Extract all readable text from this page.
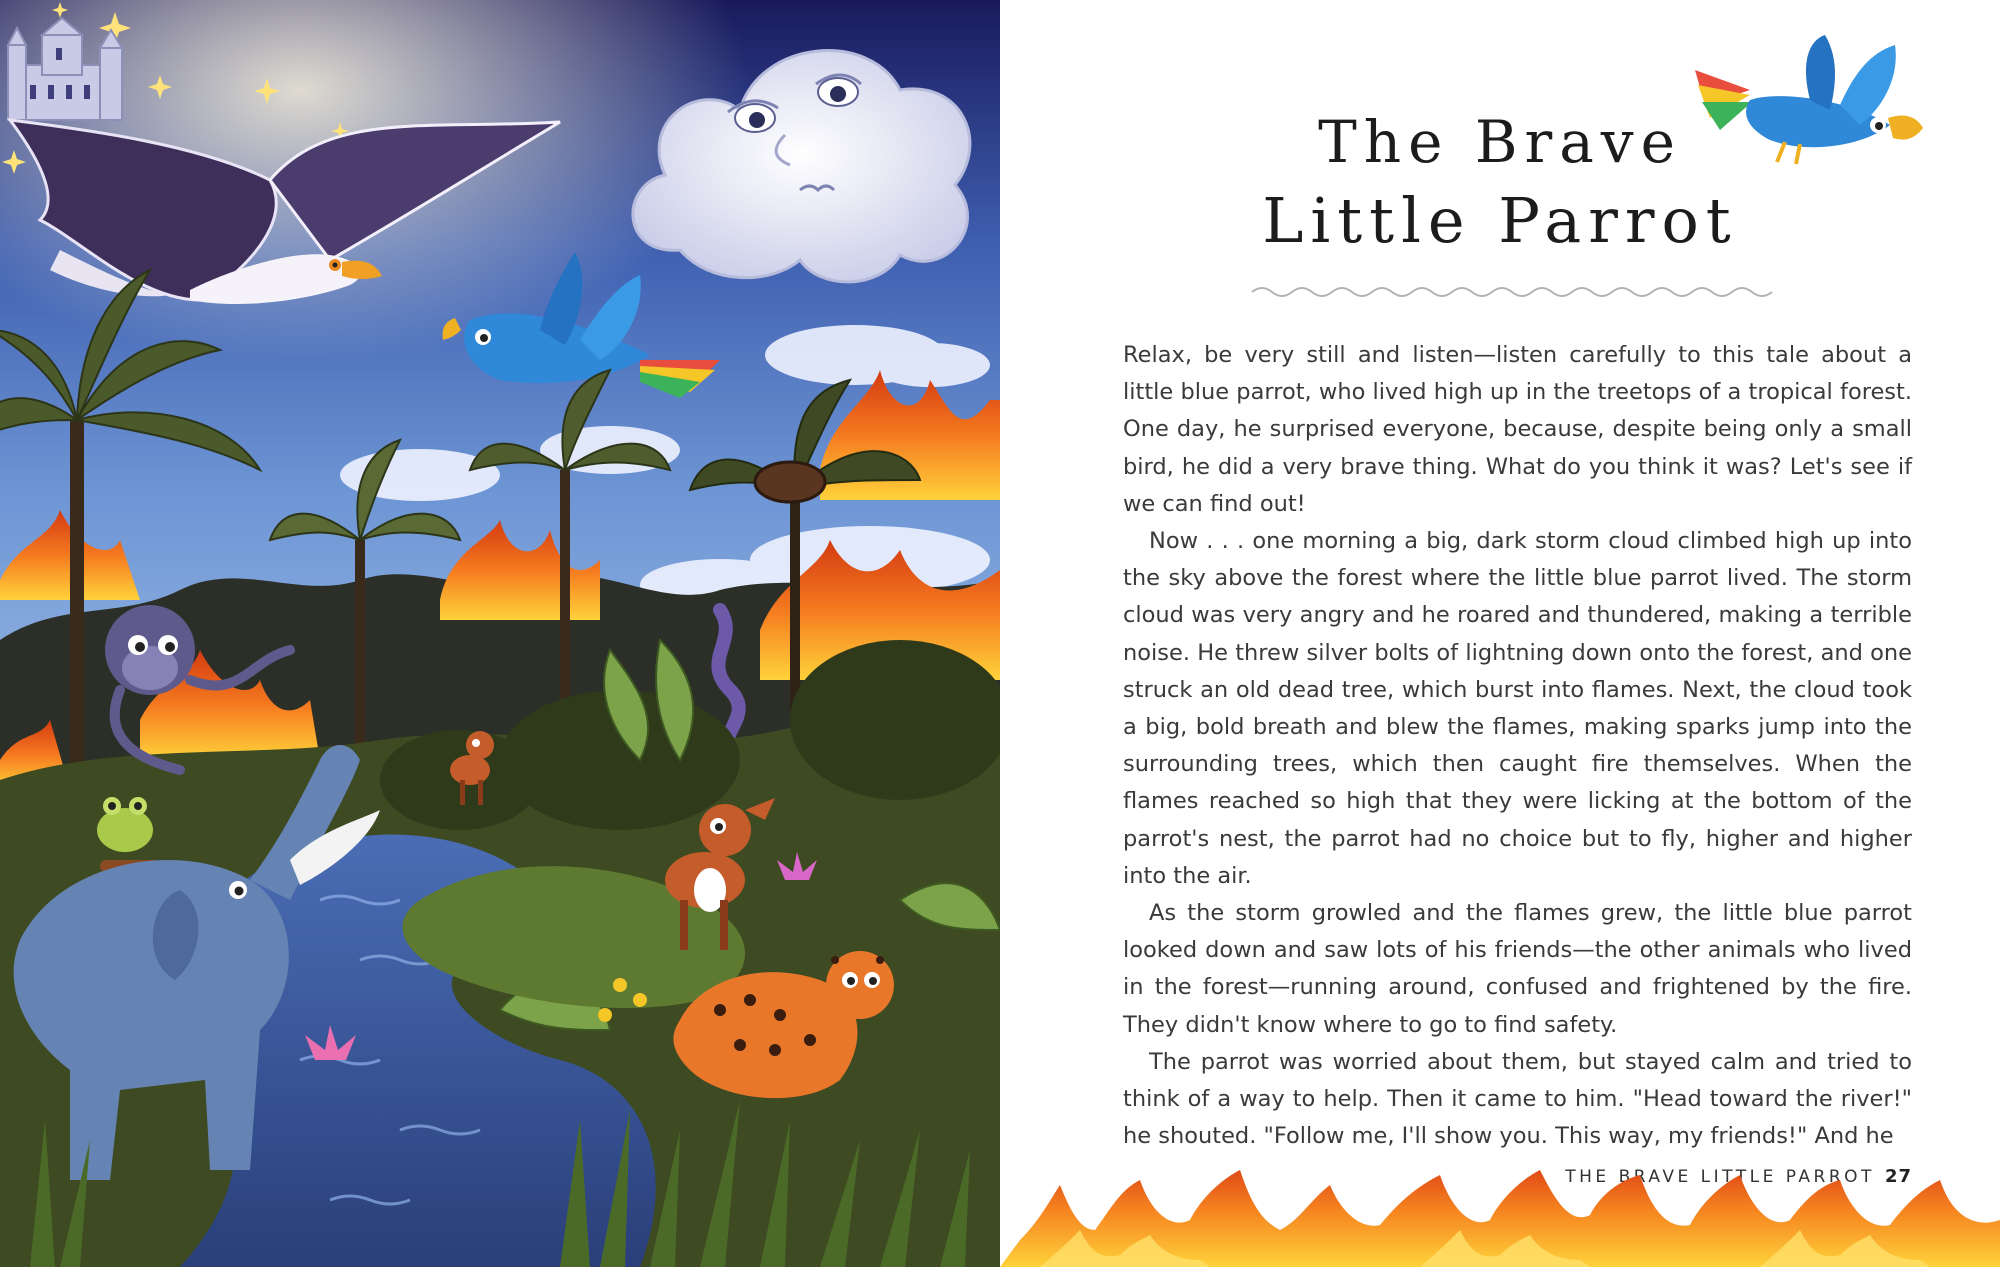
The Brave
Little Parrot

Relax, be very still and listen—listen carefully to this tale about a little blue parrot, who lived high up in the treetops of a tropical forest. One day, he surprised everyone, because, despite being only a small bird, he did a very brave thing. What do you think it was? Let's see if we can find out!

Now . . . one morning a big, dark storm cloud climbed high up into the sky above the forest where the little blue parrot lived. The storm cloud was very angry and he roared and thundered, making a terrible noise. He threw silver bolts of lightning down onto the forest, and one struck an old dead tree, which burst into flames. Next, the cloud took a big, bold breath and blew the flames, making sparks jump into the surrounding trees, which then caught fire themselves. When the flames reached so high that they were licking at the bottom of the parrot's nest, the parrot had no choice but to fly, higher and higher into the air.

As the storm growled and the flames grew, the little blue parrot looked down and saw lots of his friends—the other animals who lived in the forest—running around, confused and frightened by the fire. They didn't know where to go to find safety.

The parrot was worried about them, but stayed calm and tried to think of a way to help. Then it came to him. "Head toward the river!" he shouted. "Follow me, I'll show you. This way, my friends!" And he

THE BRAVE LITTLE PARROT 27
